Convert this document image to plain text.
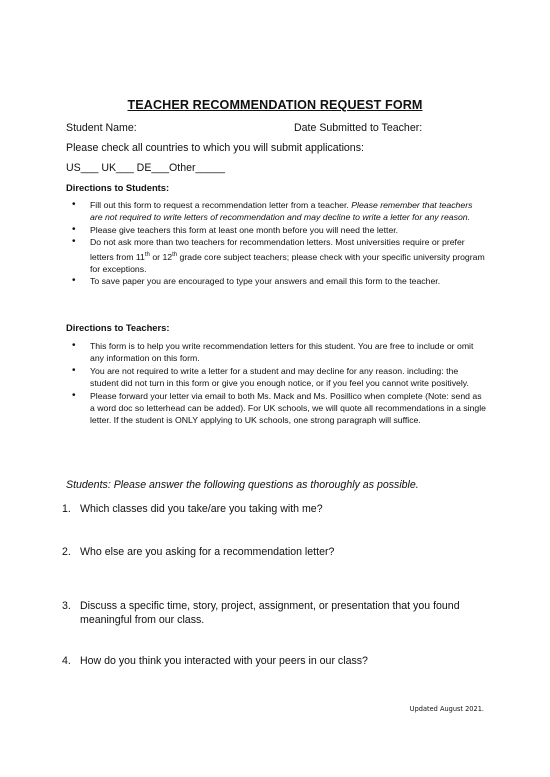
TEACHER RECOMMENDATION REQUEST FORM
Student Name:	Date Submitted to Teacher:
Please check all countries to which you will submit applications:
US___ UK___ DE___Other_____
Directions to Students:
• Fill out this form to request a recommendation letter from a teacher. Please remember that teachers are not required to write letters of recommendation and may decline to write a letter for any reason.
• Please give teachers this form at least one month before you will need the letter.
• Do not ask more than two teachers for recommendation letters. Most universities require or prefer letters from 11th or 12th grade core subject teachers; please check with your specific university program for exceptions.
• To save paper you are encouraged to type your answers and email this form to the teacher.
Directions to Teachers:
• This form is to help you write recommendation letters for this student. You are free to include or omit any information on this form.
• You are not required to write a letter for a student and may decline for any reason. including: the student did not turn in this form or give you enough notice, or if you feel you cannot write positively.
• Please forward your letter via email to both Ms. Mack and Ms. Posillico when complete (Note: send as a word doc so letterhead can be added). For UK schools, we will quote all recommendations in a single letter. If the student is ONLY applying to UK schools, one strong paragraph will suffice.
Students: Please answer the following questions as thoroughly as possible.
1. Which classes did you take/are you taking with me?
2. Who else are you asking for a recommendation letter?
3. Discuss a specific time, story, project, assignment, or presentation that you found meaningful from our class.
4. How do you think you interacted with your peers in our class?
Updated August 2021.
